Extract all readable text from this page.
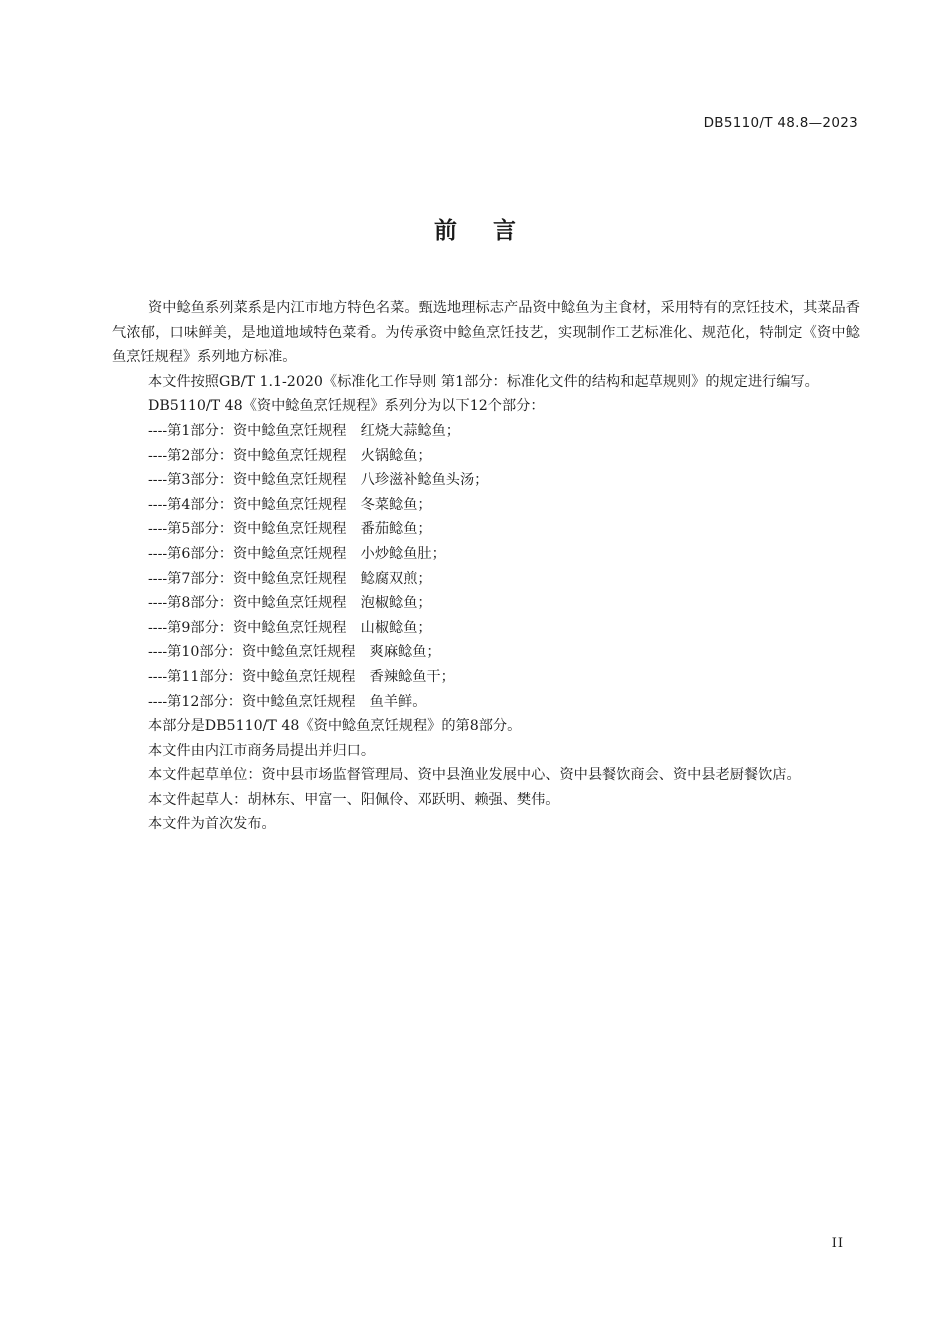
DB5110/T 48.8—2023
前 言

资中鲶鱼系列菜系是内江市地方特色名菜。甄选地理标志产品资中鲶鱼为主食材，采用特有的烹饪技术，其菜品香气浓郁，口味鲜美，是地道地域特色菜肴。为传承资中鲶鱼烹饪技艺，实现制作工艺标准化、规范化，特制定《资中鲶鱼烹饪规程》系列地方标准。

本文件按照GB/T 1.1-2020《标准化工作导则 第1部分：标准化文件的结构和起草规则》的规定进行编写。

DB5110/T 48《资中鲶鱼烹饪规程》系列分为以下12个部分：

----第1部分：资中鲶鱼烹饪规程　红烧大蒜鲶鱼；

----第2部分：资中鲶鱼烹饪规程　火锅鲶鱼；

----第3部分：资中鲶鱼烹饪规程　八珍滋补鲶鱼头汤；

----第4部分：资中鲶鱼烹饪规程　冬菜鲶鱼；

----第5部分：资中鲶鱼烹饪规程　番茄鲶鱼；

----第6部分：资中鲶鱼烹饪规程　小炒鲶鱼肚；

----第7部分：资中鲶鱼烹饪规程　鲶腐双煎；

----第8部分：资中鲶鱼烹饪规程　泡椒鲶鱼；

----第9部分：资中鲶鱼烹饪规程　山椒鲶鱼；

----第10部分：资中鲶鱼烹饪规程　爽麻鲶鱼；

----第11部分：资中鲶鱼烹饪规程　香辣鲶鱼干；

----第12部分：资中鲶鱼烹饪规程　鱼羊鲜。

本部分是DB5110/T 48《资中鲶鱼烹饪规程》的第8部分。

本文件由内江市商务局提出并归口。

本文件起草单位：资中县市场监督管理局、资中县渔业发展中心、资中县餐饮商会、资中县老厨餐饮店。

本文件起草人：胡林东、甲富一、阳佩伶、邓跃明、赖强、樊伟。

本文件为首次发布。

II
